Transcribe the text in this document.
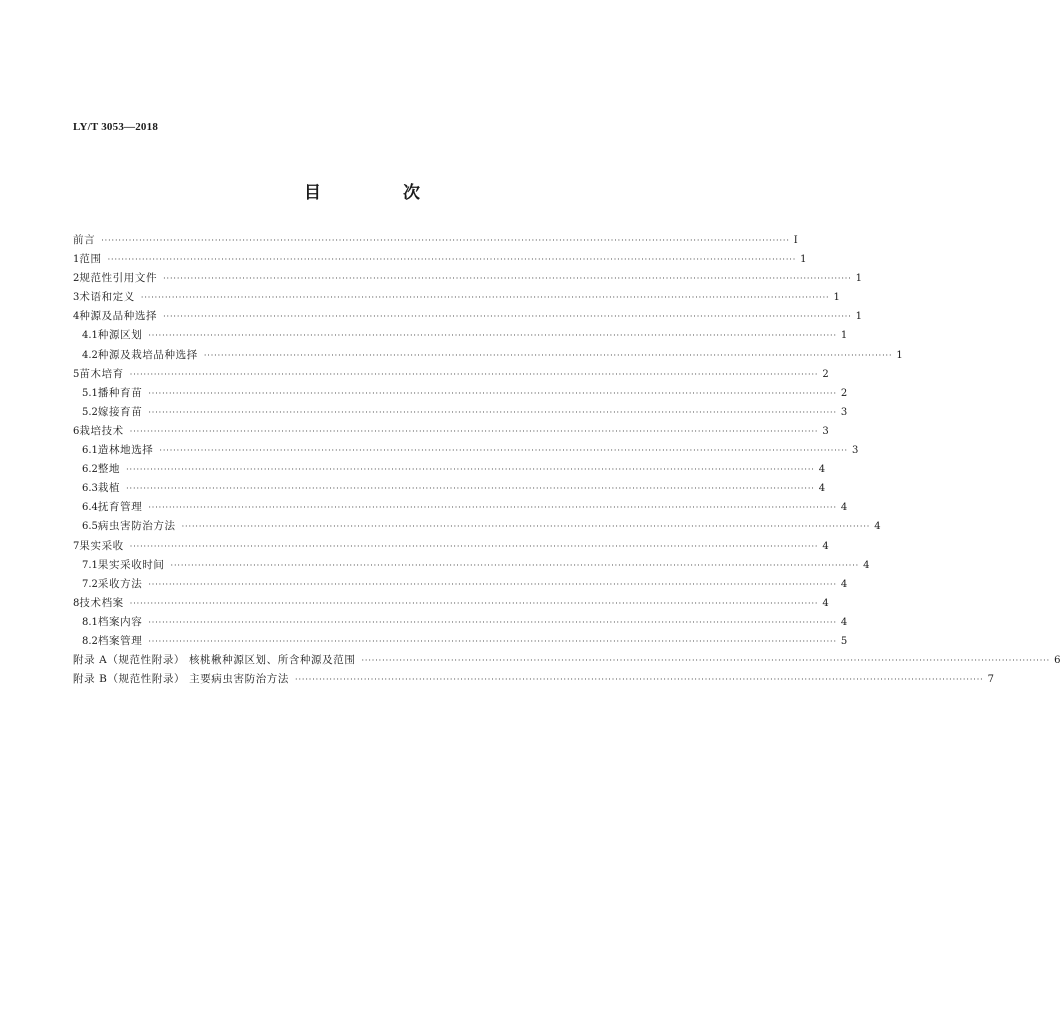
LY/T 3053—2018
目 次
前言 ········································································································································································································ Ⅰ
1 范围 ········································································································································································································ 1
2 规范性引用文件 ········································································································································································································ 1
3 术语和定义 ········································································································································································································ 1
4 种源及品种选择 ········································································································································································································ 1
4.1 种源区划 ········································································································································································································ 1
4.2 种源及栽培品种选择 ········································································································································································································ 1
5 苗木培育 ········································································································································································································ 2
5.1 播种育苗 ········································································································································································································ 2
5.2 嫁接育苗 ········································································································································································································ 3
6 栽培技术 ········································································································································································································ 3
6.1 造林地选择 ········································································································································································································ 3
6.2 整地 ········································································································································································································ 4
6.3 栽植 ········································································································································································································ 4
6.4 抚育管理 ········································································································································································································ 4
6.5 病虫害防治方法 ········································································································································································································ 4
7 果实采收 ········································································································································································································ 4
7.1 果实采收时间 ········································································································································································································ 4
7.2 采收方法 ········································································································································································································ 4
8 技术档案 ········································································································································································································ 4
8.1 档案内容 ········································································································································································································ 4
8.2 档案管理 ········································································································································································································ 5
附录 A（规范性附录） 核桃楸种源区划、所含种源及范围 ········································································································································································································ 6
附录 B（规范性附录） 主要病虫害防治方法 ········································································································································································································ 7
